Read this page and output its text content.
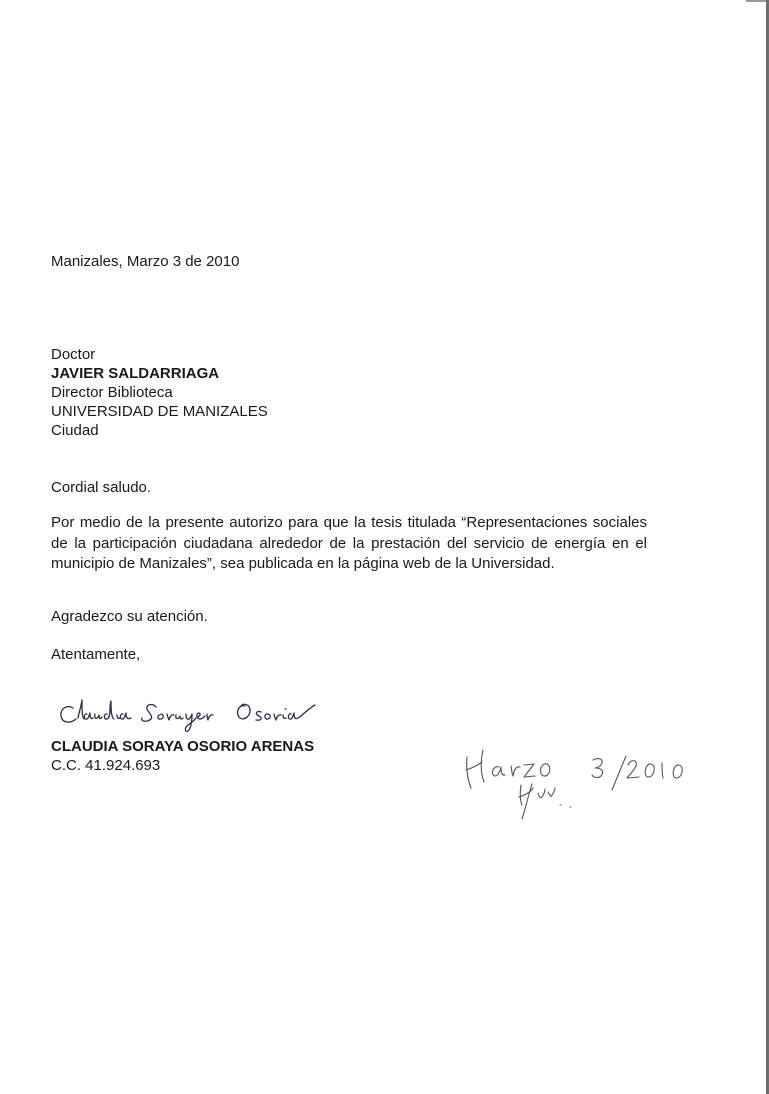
Manizales, Marzo 3 de 2010
Doctor
JAVIER SALDARRIAGA
Director Biblioteca
UNIVERSIDAD DE MANIZALES
Ciudad
Cordial saludo.

Por medio de la presente autorizo para que la tesis titulada “Representaciones sociales de la participación ciudadana alrededor de la prestación del servicio de energía en el municipio de Manizales”, sea publicada en la página web de la Universidad.

Agradezco su atención.
Atentamente,
CLAUDIA SORAYA OSORIO ARENAS
C.C. 41.924.693
